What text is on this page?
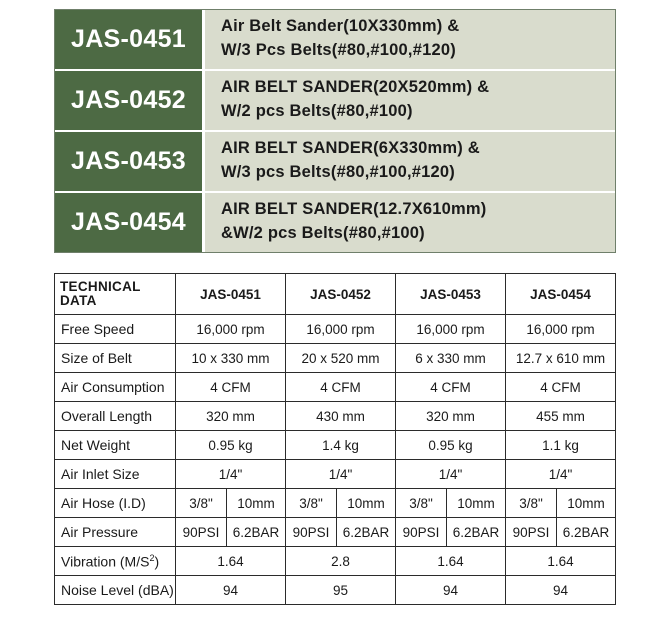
JAS-0451	Air Belt Sander(10X330mm) &
W/3 Pcs Belts(#80,#100,#120)
JAS-0452	AIR BELT SANDER(20X520mm) &
W/2 pcs Belts(#80,#100)
JAS-0453	AIR BELT SANDER(6X330mm) &
W/3 pcs Belts(#80,#100,#120)
JAS-0454	AIR BELT SANDER(12.7X610mm)
&W/2 pcs Belts(#80,#100)
TECHNICAL
DATA	JAS-0451		JAS-0452		JAS-0453		JAS-0454	
Free Speed	16,000 rpm		16,000 rpm		16,000 rpm		16,000 rpm	
Size of Belt	10 x 330 mm		20 x 520 mm		6 x 330 mm		12.7 x 610 mm	
Air Consumption	4 CFM		4 CFM		4 CFM		4 CFM	
Overall Length	320 mm		430 mm		320 mm		455 mm	
Net Weight	0.95 kg		1.4 kg		0.95 kg		1.1 kg	
Air Inlet Size	1/4"		1/4"		1/4"		1/4"	
Air Hose (I.D)	3/8"	10mm	3/8"	10mm	3/8"	10mm	3/8"	10mm
Air Pressure	90PSI	6.2BAR	90PSI	6.2BAR	90PSI	6.2BAR	90PSI	6.2BAR
Vibration $(M/S^2)$	1.64		2.8		1.64		1.64	
Noise Level (dBA)	94		95		94		94	
